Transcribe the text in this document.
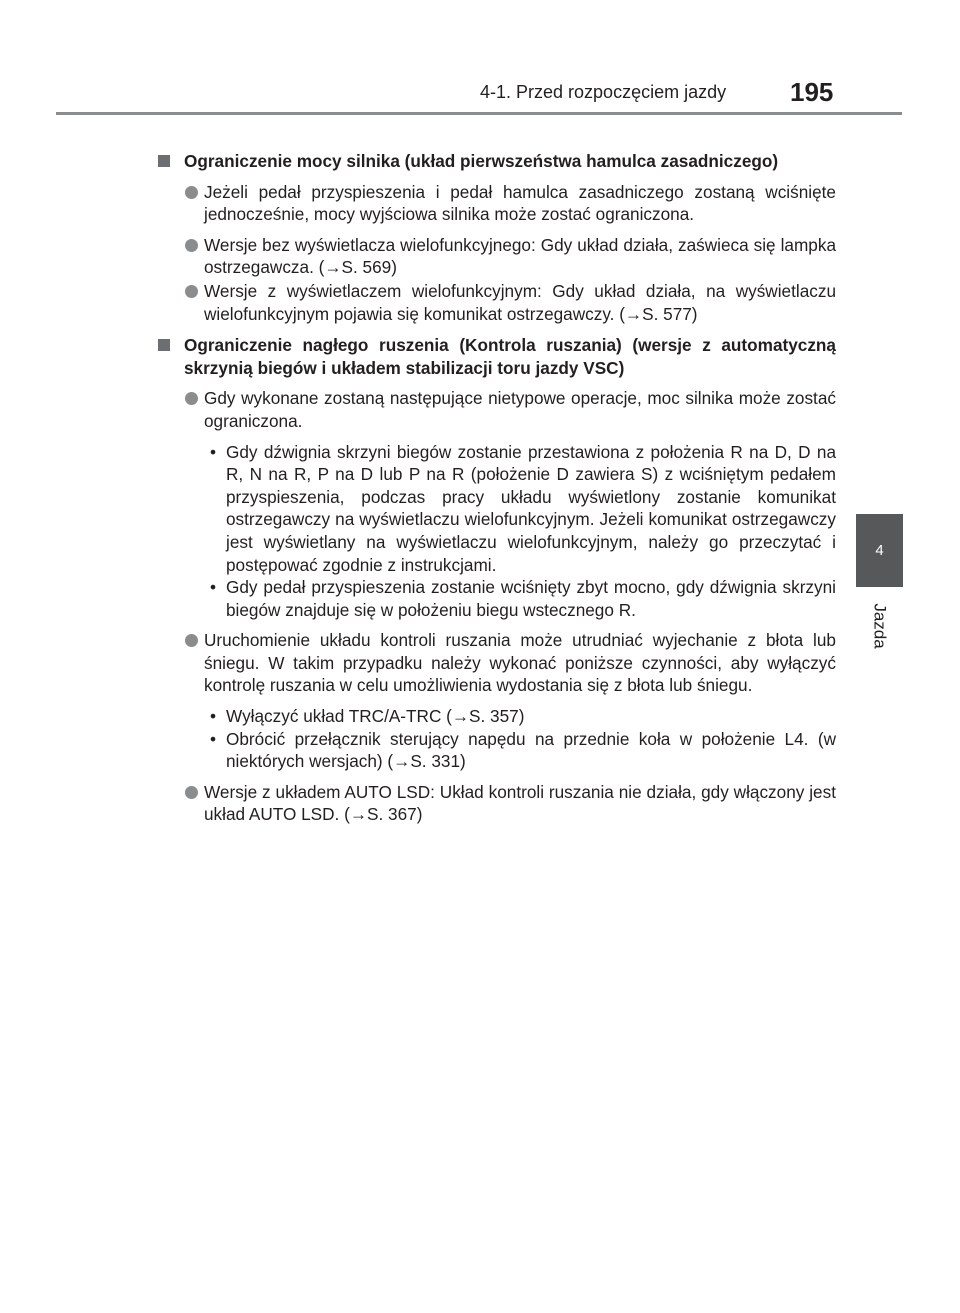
4-1. Przed rozpoczęciem jazdy	195
4
Jazda
Ograniczenie mocy silnika (układ pierwszeństwa hamulca zasadniczego)
Jeżeli pedał przyspieszenia i pedał hamulca zasadniczego zostaną wciśnięte jednocześnie, mocy wyjściowa silnika może zostać ograniczona.
Wersje bez wyświetlacza wielofunkcyjnego: Gdy układ działa, zaświeca się lampka ostrzegawcza. (→S. 569)
Wersje z wyświetlaczem wielofunkcyjnym: Gdy układ działa, na wyświetlaczu wielofunkcyjnym pojawia się komunikat ostrzegawczy. (→S. 577)
Ograniczenie nagłego ruszenia (Kontrola ruszania) (wersje z automatyczną skrzynią biegów i układem stabilizacji toru jazdy VSC)
Gdy wykonane zostaną następujące nietypowe operacje, moc silnika może zostać ograniczona.
• Gdy dźwignia skrzyni biegów zostanie przestawiona z położenia R na D, D na R, N na R, P na D lub P na R (położenie D zawiera S) z wciśniętym pedałem przyspieszenia, podczas pracy układu wyświetlony zostanie komunikat ostrzegawczy na wyświetlaczu wielofunkcyjnym. Jeżeli komunikat ostrzegawczy jest wyświetlany na wyświetlaczu wielofunkcyjnym, należy go przeczytać i postępować zgodnie z instrukcjami.
• Gdy pedał przyspieszenia zostanie wciśnięty zbyt mocno, gdy dźwignia skrzyni biegów znajduje się w położeniu biegu wstecznego R.
Uruchomienie układu kontroli ruszania może utrudniać wyjechanie z błota lub śniegu. W takim przypadku należy wykonać poniższe czynności, aby wyłączyć kontrolę ruszania w celu umożliwienia wydostania się z błota lub śniegu.
• Wyłączyć układ TRC/A-TRC (→S. 357)
• Obrócić przełącznik sterujący napędu na przednie koła w położenie L4. (w niektórych wersjach) (→S. 331)
Wersje z układem AUTO LSD: Układ kontroli ruszania nie działa, gdy włączony jest układ AUTO LSD. (→S. 367)
